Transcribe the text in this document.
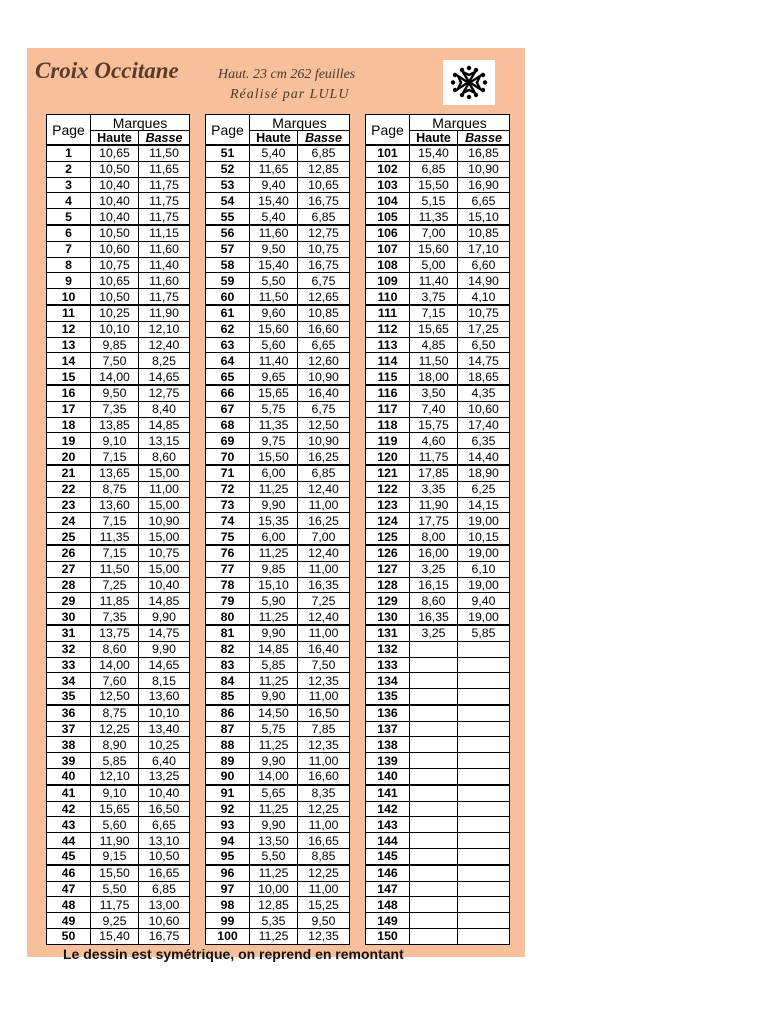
Croix Occitane	Haut. 23 cm 262 feuilles
Réalisé par LULU
Page	Marques	
	Haute	Basse
1	10,65	11,50
2	10,50	11,65
3	10,40	11,75
4	10,40	11,75
5	10,40	11,75
6	10,50	11,15
7	10,60	11,60
8	10,75	11,40
9	10,65	11,60
10	10,50	11,75
11	10,25	11,90
12	10,10	12,10
13	9,85	12,40
14	7,50	8,25
15	14,00	14,65
16	9,50	12,75
17	7,35	8,40
18	13,85	14,85
19	9,10	13,15
20	7,15	8,60
21	13,65	15,00
22	8,75	11,00
23	13,60	15,00
24	7,15	10,90
25	11,35	15,00
26	7,15	10,75
27	11,50	15,00
28	7,25	10,40
29	11,85	14,85
30	7,35	9,90
31	13,75	14,75
32	8,60	9,90
33	14,00	14,65
34	7,60	8,15
35	12,50	13,60
36	8,75	10,10
37	12,25	13,40
38	8,90	10,25
39	5,85	6,40
40	12,10	13,25
41	9,10	10,40
42	15,65	16,50
43	5,60	6,65
44	11,90	13,10
45	9,15	10,50
46	15,50	16,65
47	5,50	6,85
48	11,75	13,00
49	9,25	10,60
50	15,40	16,75
Page	Marques	
	Haute	Basse
51	5,40	6,85
52	11,65	12,85
53	9,40	10,65
54	15,40	16,75
55	5,40	6,85
56	11,60	12,75
57	9,50	10,75
58	15,40	16,75
59	5,50	6,75
60	11,50	12,65
61	9,60	10,85
62	15,60	16,60
63	5,60	6,65
64	11,40	12,60
65	9,65	10,90
66	15,65	16,40
67	5,75	6,75
68	11,35	12,50
69	9,75	10,90
70	15,50	16,25
71	6,00	6,85
72	11,25	12,40
73	9,90	11,00
74	15,35	16,25
75	6,00	7,00
76	11,25	12,40
77	9,85	11,00
78	15,10	16,35
79	5,90	7,25
80	11,25	12,40
81	9,90	11,00
82	14,85	16,40
83	5,85	7,50
84	11,25	12,35
85	9,90	11,00
86	14,50	16,50
87	5,75	7,85
88	11,25	12,35
89	9,90	11,00
90	14,00	16,60
91	5,65	8,35
92	11,25	12,25
93	9,90	11,00
94	13,50	16,65
95	5,50	8,85
96	11,25	12,25
97	10,00	11,00
98	12,85	15,25
99	5,35	9,50
100	11,25	12,35
Page	Marques	
	Haute	Basse
101	15,40	16,85
102	6,85	10,90
103	15,50	16,90
104	5,15	6,65
105	11,35	15,10
106	7,00	10,85
107	15,60	17,10
108	5,00	6,60
109	11,40	14,90
110	3,75	4,10
111	7,15	10,75
112	15,65	17,25
113	4,85	6,50
114	11,50	14,75
115	18,00	18,65
116	3,50	4,35
117	7,40	10,60
118	15,75	17,40
119	4,60	6,35
120	11,75	14,40
121	17,85	18,90
122	3,35	6,25
123	11,90	14,15
124	17,75	19,00
125	8,00	10,15
126	16,00	19,00
127	3,25	6,10
128	16,15	19,00
129	8,60	9,40
130	16,35	19,00
131	3,25	5,85
132		
133		
134		
135		
136		
137		
138		
139		
140		
141		
142		
143		
144		
145		
146		
147		
148		
149		
150		
Le dessin est symétrique, on reprend en remontant
